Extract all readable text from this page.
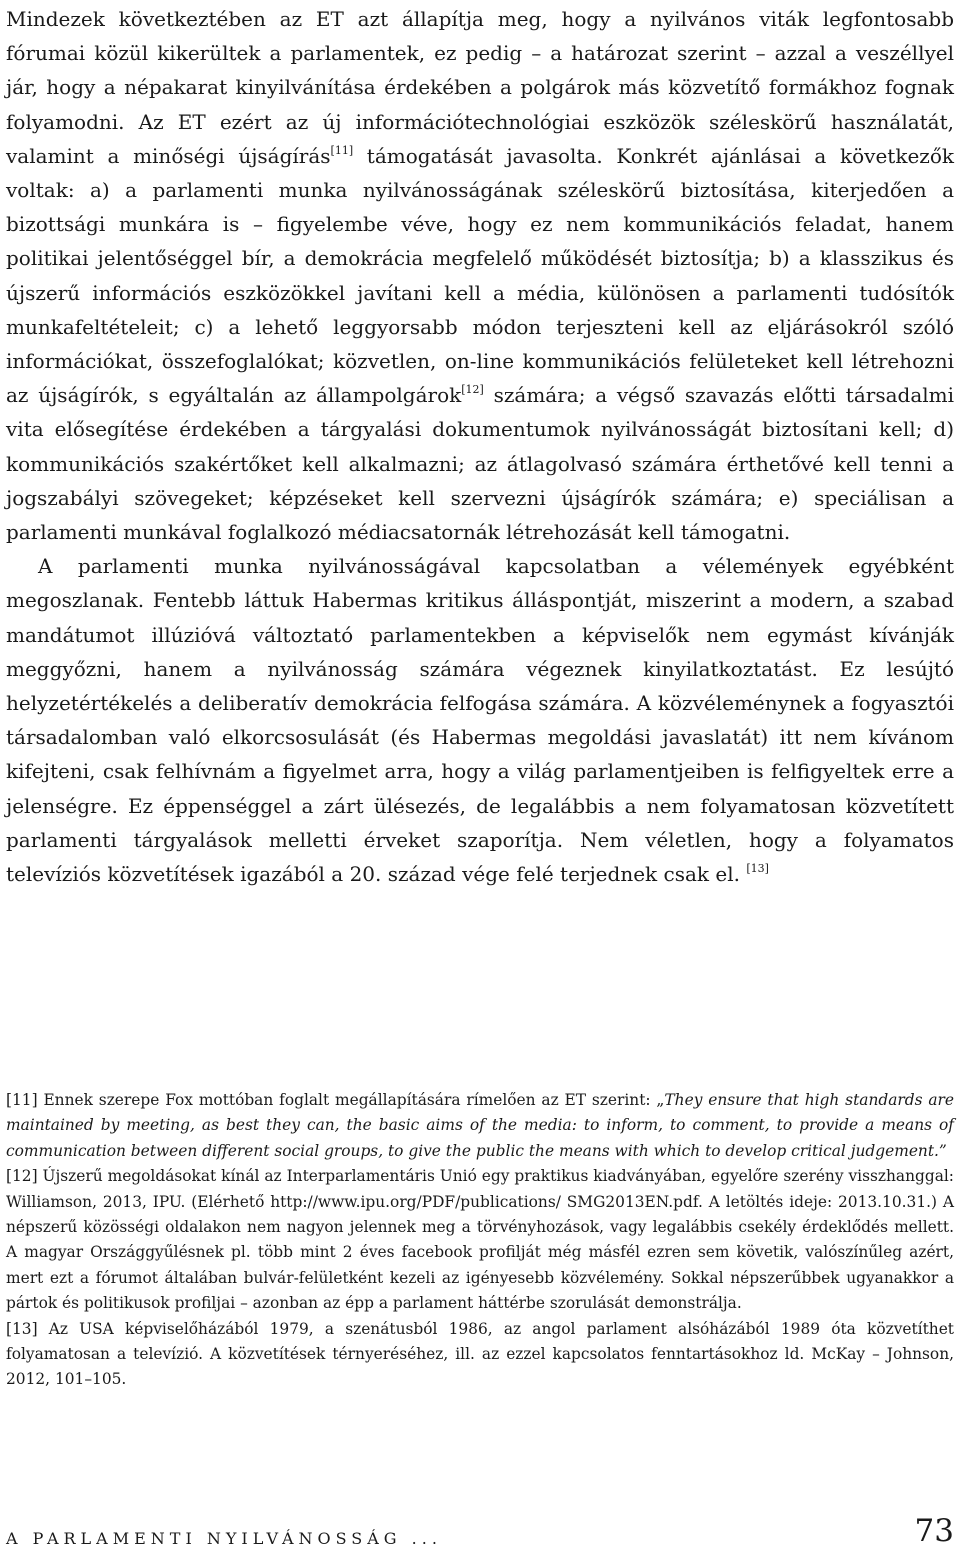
Mindezek következtében az ET azt állapítja meg, hogy a nyilvános viták legfontosabb fórumai közül kikerültek a parlamentek, ez pedig – a határozat szerint – azzal a veszéllyel jár, hogy a népakarat kinyilvánítása érdekében a polgárok más közvetítő formákhoz fognak folyamodni. Az ET ezért az új információtechnológiai eszközök széleskörű használatát, valamint a minőségi újságírás[11] támogatását javasolta. Konkrét ajánlásai a következők voltak: a) a parlamenti munka nyilvánosságának széleskörű biztosítása, kiterjedően a bizottsági munkára is – figyelembe véve, hogy ez nem kommunikációs feladat, hanem politikai jelentőséggel bír, a demokrácia megfelelő működését biztosítja; b) a klasszikus és újszerű információs eszközökkel javítani kell a média, különösen a parlamenti tudósítók munkafeltételeit; c) a lehető leggyorsabb módon terjeszteni kell az eljárásokról szóló információkat, összefoglalókat; közvetlen, on-line kommunikációs felületeket kell létrehozni az újságírók, s egyáltalán az állampolgárok[12] számára; a végső szavazás előtti társadalmi vita elősegítése érdekében a tárgyalási dokumentumok nyilvánosságát biztosítani kell; d) kommunikációs szakértőket kell alkalmazni; az átlagolvasó számára érthetővé kell tenni a jogszabályi szövegeket; képzéseket kell szervezni újságírók számára; e) speciálisan a parlamenti munkával foglalkozó médiacsatornák létrehozását kell támogatni.

A parlamenti munka nyilvánosságával kapcsolatban a vélemények egyébként megoszlanak. Fentebb láttuk Habermas kritikus álláspontját, miszerint a modern, a szabad mandátumot illúzióvá változtató parlamentekben a képviselők nem egymást kívánják meggyőzni, hanem a nyilvánosság számára végeznek kinyilatkoztatást. Ez lesújtó helyzetértékelés a deliberatív demokrácia felfogása számára. A közvéleménynek a fogyasztói társadalomban való elkorcsosulását (és Habermas megoldási javaslatát) itt nem kívánom kifejteni, csak felhívnám a figyelmet arra, hogy a világ parlamentjeiben is felfigyeltek erre a jelenségre. Ez éppenséggel a zárt ülésezés, de legalábbis a nem folyamatosan közvetített parlamenti tárgyalások melletti érveket szaporítja. Nem véletlen, hogy a folyamatos televíziós közvetítések igazából a 20. század vége felé terjednek csak el. [13]

[11] Ennek szerepe Fox mottóban foglalt megállapítására rímelően az ET szerint: „They ensure that high standards are maintained by meeting, as best they can, the basic aims of the media: to inform, to comment, to provide a means of communication between different social groups, to give the public the means with which to develop critical judgement.”

[12] Újszerű megoldásokat kínál az Interparlamentáris Unió egy praktikus kiadványában, egyelőre szerény visszhanggal: Williamson, 2013, IPU. (Elérhető http://www.ipu.org/PDF/publications/ SMG2013EN.pdf. A letöltés ideje: 2013.10.31.) A népszerű közösségi oldalakon nem nagyon jelennek meg a törvényhozások, vagy legalábbis csekély érdeklődés mellett. A magyar Országgyűlésnek pl. több mint 2 éves facebook profilját még másfél ezren sem követik, valószínűleg azért, mert ezt a fórumot általában bulvár-felületként kezeli az igényesebb közvélemény. Sokkal népszerűbbek ugyanakkor a pártok és politikusok profiljai – azonban az épp a parlament háttérbe szorulását demonstrálja.

[13] Az USA képviselőházából 1979, a szenátusból 1986, az angol parlament alsóházából 1989 óta közvetíthet folyamatosan a televízió. A közvetítések térnyeréséhez, ill. az ezzel kapcsolatos fenntartásokhoz ld. McKay – Johnson, 2012, 101–105.

A PARLAMENTI NYILVÁNOSSÁG ...	73
